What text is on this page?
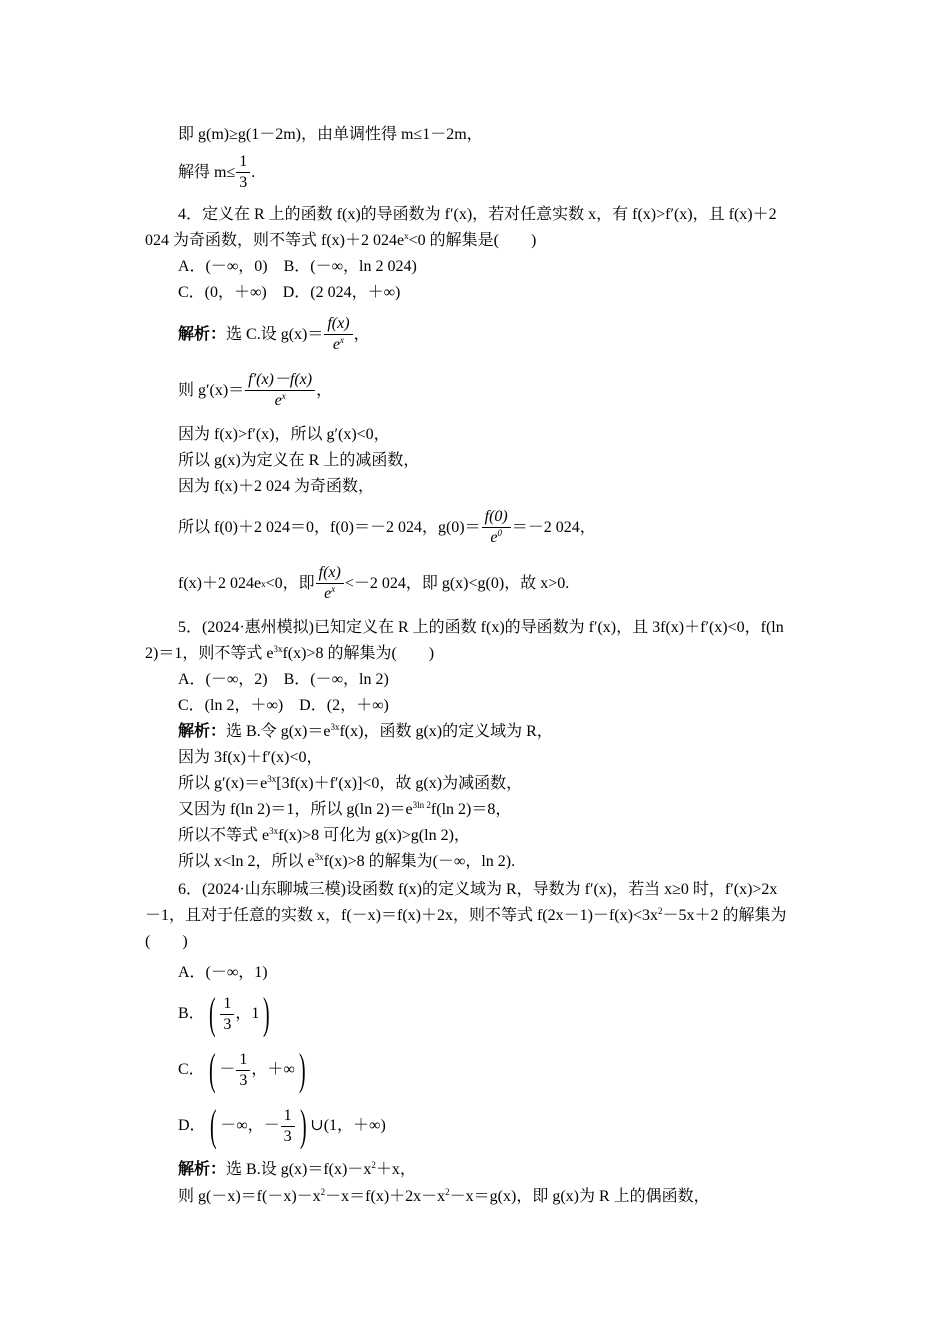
即 g(m)≥g(1－2m)，由单调性得 m≤1－2m，
解得 $m\le \frac{1}{3}$ .
4．定义在 R 上的函数 f(x)的导函数为 f′(x)，若对任意实数 x，有 f(x)>f′(x)，且 f(x)＋2
024 为奇函数，则不等式 f(x)＋2 $024e^x<0$ 的解集是(　　)
A．(－∞，0)　B．(－∞，ln 2 024)
C．(0，＋∞)　D．(2 024，＋∞)
解析： 选 C.设 $g(x)= \frac{f(x)}{e^x}$ ，
则 $g'(x)= \frac{f'(x)-f(x)}{e^x}$ ，
因为 f(x)>f′(x)，所以 g′(x)<0，
所以 g(x)为定义在 R 上的减函数，
因为 f(x)＋2 024 为奇函数，
所以 f(0)＋2 024＝0，f(0)＝－2 024，$g(0)= \frac{f(0)}{e^0} =-2$ 024，
f(x)＋2 024e x <0，即 $\frac{f(x)}{e^x} <-2$ 024，即 g(x)<g(0)，故 x>0.
5．(2024·惠州模拟)已知定义在 R 上的函数 f(x)的导函数为 f′(x)，且 3f(x)＋f′(x)<0，f(ln
2)＝1，则不等式 $e^{3x}f(x)>8$ 的解集为(　　)
A．(－∞，2)　B．(－∞，ln 2)
C．(ln 2，＋∞)　D．(2，＋∞)
解析：选 B.令 $g(x)=e^{3x}f(x)$，函数 g(x)的定义域为 R，
因为 3f(x)＋f′(x)<0，
所以 $g'(x)=e^{3x}[3f(x)+f'(x)]<0$，故 g(x)为减函数，
又因为 f(ln 2)＝1，所以 g(ln $2)=e^{3ln 2}f(\ln$ 2)＝8，
所以不等式 $e^{3x}f(x)>8$ 可化为 g(x)>g(ln 2)，
所以 x<ln 2，所以 $e^{3x}f(x)>8$ 的解集为(－∞，ln 2).
6．(2024·山东聊城三模)设函数 f(x)的定义域为 R，导数为 f′(x)，若当 x≥0 时，f′(x)>2x
－1，且对于任意的实数 x，f(－x)＝f(x)＋2x，则不等式 $f(2x-1)-f(x)<3x^2-5x+2$ 的解集为
(　　)
A．(－∞，1)
B． ( $\frac{1}{3}$ ，1 )
C． ( － $\frac{1}{3}$ ，＋∞ )
D． ( －∞，－ $\frac{1}{3}$ ) ∪(1，＋∞)
解析：选 B.设 $g(x)=f(x)-x^2+x$，
则 $g(-x)=f(-x)-x^2-x=f(x)+2x-x^2-x=g(x)$，即 g(x)为 R 上的偶函数，
